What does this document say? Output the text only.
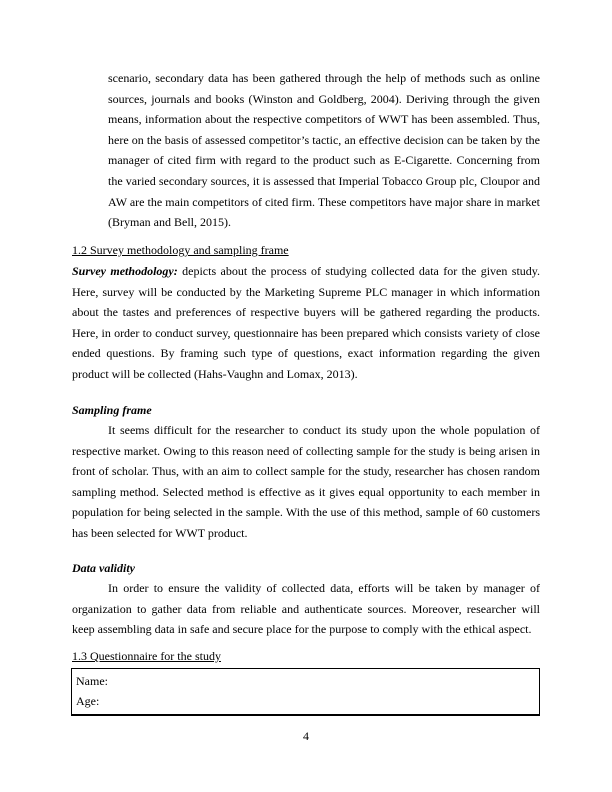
scenario, secondary data has been gathered through the help of methods such as online sources, journals and books (Winston and Goldberg, 2004). Deriving through the given means, information about the respective competitors of WWT has been assembled. Thus, here on the basis of assessed competitor’s tactic, an effective decision can be taken by the manager of cited firm with regard to the product such as E-Cigarette. Concerning from the varied secondary sources, it is assessed that Imperial Tobacco Group plc, Cloupor and AW are the main competitors of cited firm. These competitors have major share in market (Bryman and Bell, 2015).

1.2 Survey methodology and sampling frame

Survey methodology: depicts about the process of studying collected data for the given study. Here, survey will be conducted by the Marketing Supreme PLC manager in which information about the tastes and preferences of respective buyers will be gathered regarding the products. Here, in order to conduct survey, questionnaire has been prepared which consists variety of close ended questions. By framing such type of questions, exact information regarding the given product will be collected (Hahs-Vaughn and Lomax, 2013).

Sampling frame

It seems difficult for the researcher to conduct its study upon the whole population of respective market. Owing to this reason need of collecting sample for the study is being arisen in front of scholar. Thus, with an aim to collect sample for the study, researcher has chosen random sampling method. Selected method is effective as it gives equal opportunity to each member in population for being selected in the sample. With the use of this method, sample of 60 customers has been selected for WWT product.

Data validity

In order to ensure the validity of collected data, efforts will be taken by manager of organization to gather data from reliable and authenticate sources. Moreover, researcher will keep assembling data in safe and secure place for the purpose to comply with the ethical aspect.

1.3 Questionnaire for the study

Name:

Age:

4
